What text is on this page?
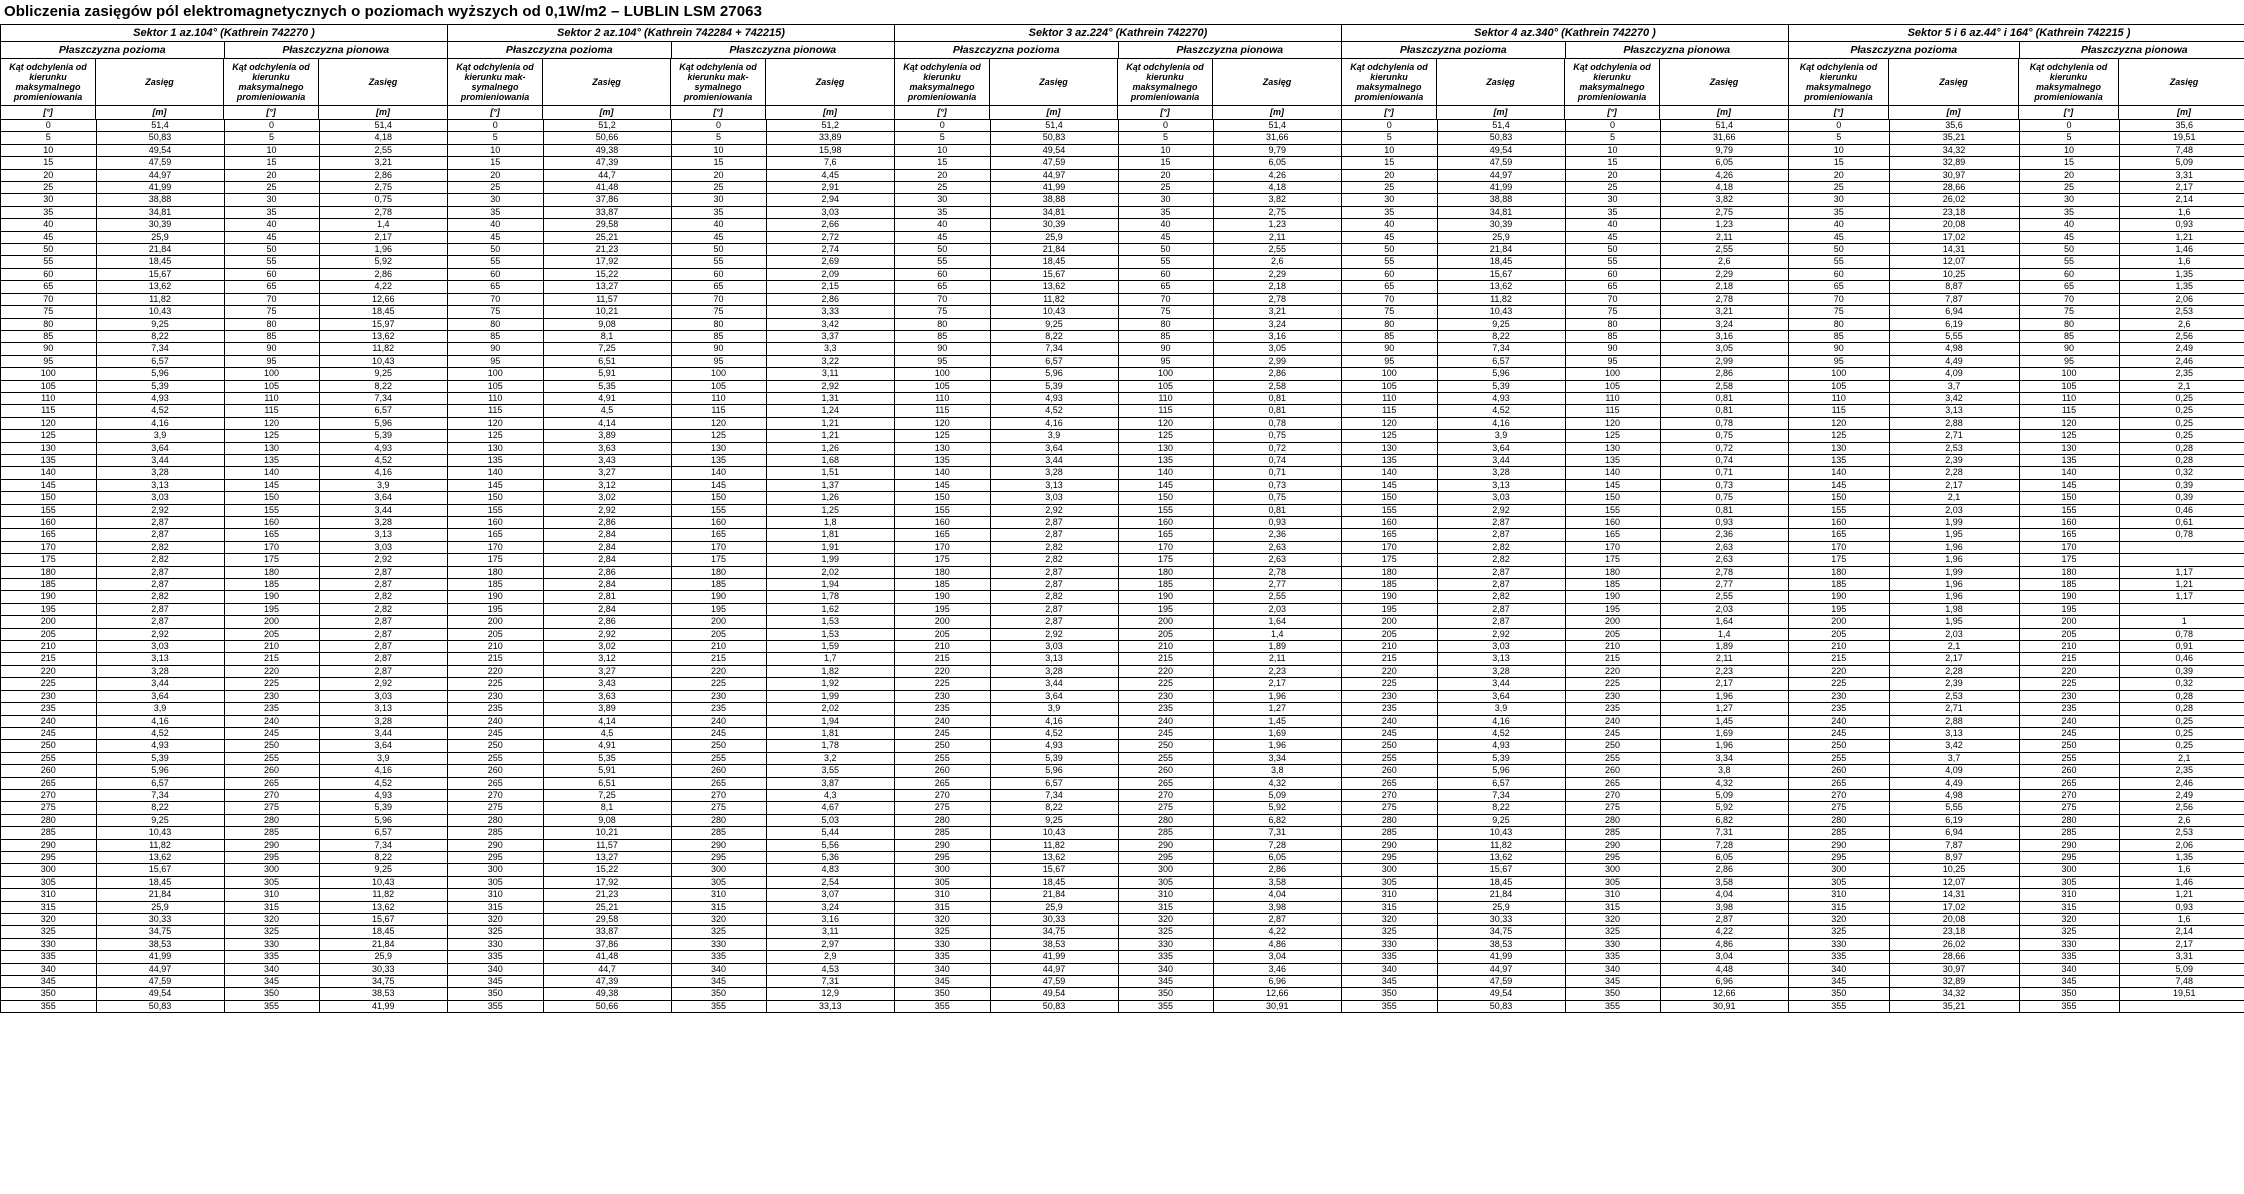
Obliczenia zasięgów pól elektromagnetycznych o poziomach wyższych od 0,1W/m2 – LUBLIN LSM 27063
Sektor 1 az.104° (Kathrein 742270 )
Płaszczyzna pozioma	Płaszczyzna pionowa
Kąt odchylenia od kierunku maksymalnego promieniowania
Zasięg
Kąt odchylenia od kierunku maksymalnego promieniowania
Zasięg
[°]	[m]	[°]	[m]
0	51,4	0	51,4
5	50,83	5	4,18
10	49,54	10	2,55
15	47,59	15	3,21
20	44,97	20	2,86
25	41,99	25	2,75
30	38,88	30	0,75
35	34,81	35	2,78
40	30,39	40	1,4
45	25,9	45	2,17
50	21,84	50	1,96
55	18,45	55	5,92
60	15,67	60	2,86
65	13,62	65	4,22
70	11,82	70	12,66
75	10,43	75	18,45
80	9,25	80	15,97
85	8,22	85	13,62
90	7,34	90	11,82
95	6,57	95	10,43
100	5,96	100	9,25
105	5,39	105	8,22
110	4,93	110	7,34
115	4,52	115	6,57
120	4,16	120	5,96
125	3,9	125	5,39
130	3,64	130	4,93
135	3,44	135	4,52
140	3,28	140	4,16
145	3,13	145	3,9
150	3,03	150	3,64
155	2,92	155	3,44
160	2,87	160	3,28
165	2,87	165	3,13
170	2,82	170	3,03
175	2,82	175	2,92
180	2,87	180	2,87
185	2,87	185	2,87
190	2,82	190	2,82
195	2,87	195	2,82
200	2,87	200	2,87
205	2,92	205	2,87
210	3,03	210	2,87
215	3,13	215	2,87
220	3,28	220	2,87
225	3,44	225	2,92
230	3,64	230	3,03
235	3,9	235	3,13
240	4,16	240	3,28
245	4,52	245	3,44
250	4,93	250	3,64
255	5,39	255	3,9
260	5,96	260	4,16
265	6,57	265	4,52
270	7,34	270	4,93
275	8,22	275	5,39
280	9,25	280	5,96
285	10,43	285	6,57
290	11,82	290	7,34
295	13,62	295	8,22
300	15,67	300	9,25
305	18,45	305	10,43
310	21,84	310	11,82
315	25,9	315	13,62
320	30,33	320	15,67
325	34,75	325	18,45
330	38,53	330	21,84
335	41,99	335	25,9
340	44,97	340	30,33
345	47,59	345	34,75
350	49,54	350	38,53
355	50,83	355	41,99
Sektor 2 az.104° (Kathrein 742284 + 742215)
Płaszczyzna pozioma	Płaszczyzna pionowa
Kąt odchylenia od kierunku mak- symalnego promieniowania
Zasięg
Kąt odchylenia od kierunku mak- symalnego promieniowania
Zasięg
[°]	[m]	[°]	[m]
0	51,2	0	51,2
5	50,66	5	33,89
10	49,38	10	15,98
15	47,39	15	7,6
20	44,7	20	4,45
25	41,48	25	2,91
30	37,86	30	2,94
35	33,87	35	3,03
40	29,58	40	2,66
45	25,21	45	2,72
50	21,23	50	2,74
55	17,92	55	2,69
60	15,22	60	2,09
65	13,27	65	2,15
70	11,57	70	2,86
75	10,21	75	3,33
80	9,08	80	3,42
85	8,1	85	3,37
90	7,25	90	3,3
95	6,51	95	3,22
100	5,91	100	3,11
105	5,35	105	2,92
110	4,91	110	1,31
115	4,5	115	1,24
120	4,14	120	1,21
125	3,89	125	1,21
130	3,63	130	1,26
135	3,43	135	1,68
140	3,27	140	1,51
145	3,12	145	1,37
150	3,02	150	1,26
155	2,92	155	1,25
160	2,86	160	1,8
165	2,84	165	1,81
170	2,84	170	1,91
175	2,84	175	1,99
180	2,86	180	2,02
185	2,84	185	1,94
190	2,81	190	1,78
195	2,84	195	1,62
200	2,86	200	1,53
205	2,92	205	1,53
210	3,02	210	1,59
215	3,12	215	1,7
220	3,27	220	1,82
225	3,43	225	1,92
230	3,63	230	1,99
235	3,89	235	2,02
240	4,14	240	1,94
245	4,5	245	1,81
250	4,91	250	1,78
255	5,35	255	3,2
260	5,91	260	3,55
265	6,51	265	3,87
270	7,25	270	4,3
275	8,1	275	4,67
280	9,08	280	5,03
285	10,21	285	5,44
290	11,57	290	5,56
295	13,27	295	5,36
300	15,22	300	4,83
305	17,92	305	2,54
310	21,23	310	3,07
315	25,21	315	3,24
320	29,58	320	3,16
325	33,87	325	3,11
330	37,86	330	2,97
335	41,48	335	2,9
340	44,7	340	4,53
345	47,39	345	7,31
350	49,38	350	12,9
355	50,66	355	33,13
Sektor 3 az.224° (Kathrein 742270)
Płaszczyzna pozioma	Płaszczyzna pionowa
Kąt odchylenia od kierunku maksymalnego promieniowania
Zasięg
Kąt odchylenia od kierunku maksymalnego promieniowania
Zasięg
[°]	[m]	[°]	[m]
0	51,4	0	51,4
5	50,83	5	31,66
10	49,54	10	9,79
15	47,59	15	6,05
20	44,97	20	4,26
25	41,99	25	4,18
30	38,88	30	3,82
35	34,81	35	2,75
40	30,39	40	1,23
45	25,9	45	2,11
50	21,84	50	2,55
55	18,45	55	2,6
60	15,67	60	2,29
65	13,62	65	2,18
70	11,82	70	2,78
75	10,43	75	3,21
80	9,25	80	3,24
85	8,22	85	3,16
90	7,34	90	3,05
95	6,57	95	2,99
100	5,96	100	2,86
105	5,39	105	2,58
110	4,93	110	0,81
115	4,52	115	0,81
120	4,16	120	0,78
125	3,9	125	0,75
130	3,64	130	0,72
135	3,44	135	0,74
140	3,28	140	0,71
145	3,13	145	0,73
150	3,03	150	0,75
155	2,92	155	0,81
160	2,87	160	0,93
165	2,87	165	2,36
170	2,82	170	2,63
175	2,82	175	2,63
180	2,87	180	2,78
185	2,87	185	2,77
190	2,82	190	2,55
195	2,87	195	2,03
200	2,87	200	1,64
205	2,92	205	1,4
210	3,03	210	1,89
215	3,13	215	2,11
220	3,28	220	2,23
225	3,44	225	2,17
230	3,64	230	1,96
235	3,9	235	1,27
240	4,16	240	1,45
245	4,52	245	1,69
250	4,93	250	1,96
255	5,39	255	3,34
260	5,96	260	3,8
265	6,57	265	4,32
270	7,34	270	5,09
275	8,22	275	5,92
280	9,25	280	6,82
285	10,43	285	7,31
290	11,82	290	7,28
295	13,62	295	6,05
300	15,67	300	2,86
305	18,45	305	3,58
310	21,84	310	4,04
315	25,9	315	3,98
320	30,33	320	2,87
325	34,75	325	4,22
330	38,53	330	4,86
335	41,99	335	3,04
340	44,97	340	3,46
345	47,59	345	6,96
350	49,54	350	12,66
355	50,83	355	30,91
Sektor 4 az.340° (Kathrein 742270 )
Płaszczyzna pozioma	Płaszczyzna pionowa
Kąt odchylenia od kierunku maksymalnego promieniowania
Zasięg
Kąt odchylenia od kierunku maksymalnego promieniowania
Zasięg
[°]	[m]	[°]	[m]
0	51,4	0	51,4
5	50,83	5	31,66
10	49,54	10	9,79
15	47,59	15	6,05
20	44,97	20	4,26
25	41,99	25	4,18
30	38,88	30	3,82
35	34,81	35	2,75
40	30,39	40	1,23
45	25,9	45	2,11
50	21,84	50	2,55
55	18,45	55	2,6
60	15,67	60	2,29
65	13,62	65	2,18
70	11,82	70	2,78
75	10,43	75	3,21
80	9,25	80	3,24
85	8,22	85	3,16
90	7,34	90	3,05
95	6,57	95	2,99
100	5,96	100	2,86
105	5,39	105	2,58
110	4,93	110	0,81
115	4,52	115	0,81
120	4,16	120	0,78
125	3,9	125	0,75
130	3,64	130	0,72
135	3,44	135	0,74
140	3,28	140	0,71
145	3,13	145	0,73
150	3,03	150	0,75
155	2,92	155	0,81
160	2,87	160	0,93
165	2,87	165	2,36
170	2,82	170	2,63
175	2,82	175	2,63
180	2,87	180	2,78
185	2,87	185	2,77
190	2,82	190	2,55
195	2,87	195	2,03
200	2,87	200	1,64
205	2,92	205	1,4
210	3,03	210	1,89
215	3,13	215	2,11
220	3,28	220	2,23
225	3,44	225	2,17
230	3,64	230	1,96
235	3,9	235	1,27
240	4,16	240	1,45
245	4,52	245	1,69
250	4,93	250	1,96
255	5,39	255	3,34
260	5,96	260	3,8
265	6,57	265	4,32
270	7,34	270	5,09
275	8,22	275	5,92
280	9,25	280	6,82
285	10,43	285	7,31
290	11,82	290	7,28
295	13,62	295	6,05
300	15,67	300	2,86
305	18,45	305	3,58
310	21,84	310	4,04
315	25,9	315	3,98
320	30,33	320	2,87
325	34,75	325	4,22
330	38,53	330	4,86
335	41,99	335	3,04
340	44,97	340	4,48
345	47,59	345	6,96
350	49,54	350	12,66
355	50,83	355	30,91
Sektor 5 i 6 az.44° i 164° (Kathrein 742215 )
Płaszczyzna pozioma	Płaszczyzna pionowa
Kąt odchylenia od kierunku maksymalnego promieniowania
Zasięg
Kąt odchylenia od kierunku maksymalnego promieniowania
Zasięg
[°]	[m]	[°]	[m]
0	35,6	0	35,6
5	35,21	5	19,51
10	34,32	10	7,48
15	32,89	15	5,09
20	30,97	20	3,31
25	28,66	25	2,17
30	26,02	30	2,14
35	23,18	35	1,6
40	20,08	40	0,93
45	17,02	45	1,21
50	14,31	50	1,46
55	12,07	55	1,6
60	10,25	60	1,35
65	8,87	65	1,35
70	7,87	70	2,06
75	6,94	75	2,53
80	6,19	80	2,6
85	5,55	85	2,56
90	4,98	90	2,49
95	4,49	95	2,46
100	4,09	100	2,35
105	3,7	105	2,1
110	3,42	110	0,25
115	3,13	115	0,25
120	2,88	120	0,25
125	2,71	125	0,25
130	2,53	130	0,28
135	2,39	135	0,28
140	2,28	140	0,32
145	2,17	145	0,39
150	2,1	150	0,39
155	2,03	155	0,46
160	1,99	160	0,61
165	1,95	165	0,78
170	1,96	170	
175	1,96	175	
180	1,99	180	1,17
185	1,96	185	1,21
190	1,96	190	1,17
195	1,98	195	
200	1,95	200	1
205	2,03	205	0,78
210	2,1	210	0,91
215	2,17	215	0,46
220	2,28	220	0,39
225	2,39	225	0,32
230	2,53	230	0,28
235	2,71	235	0,28
240	2,88	240	0,25
245	3,13	245	0,25
250	3,42	250	0,25
255	3,7	255	2,1
260	4,09	260	2,35
265	4,49	265	2,46
270	4,98	270	2,49
275	5,55	275	2,56
280	6,19	280	2,6
285	6,94	285	2,53
290	7,87	290	2,06
295	8,97	295	1,35
300	10,25	300	1,6
305	12,07	305	1,46
310	14,31	310	1,21
315	17,02	315	0,93
320	20,08	320	1,6
325	23,18	325	2,14
330	26,02	330	2,17
335	28,66	335	3,31
340	30,97	340	5,09
345	32,89	345	7,48
350	34,32	350	19,51
355	35,21	355	
